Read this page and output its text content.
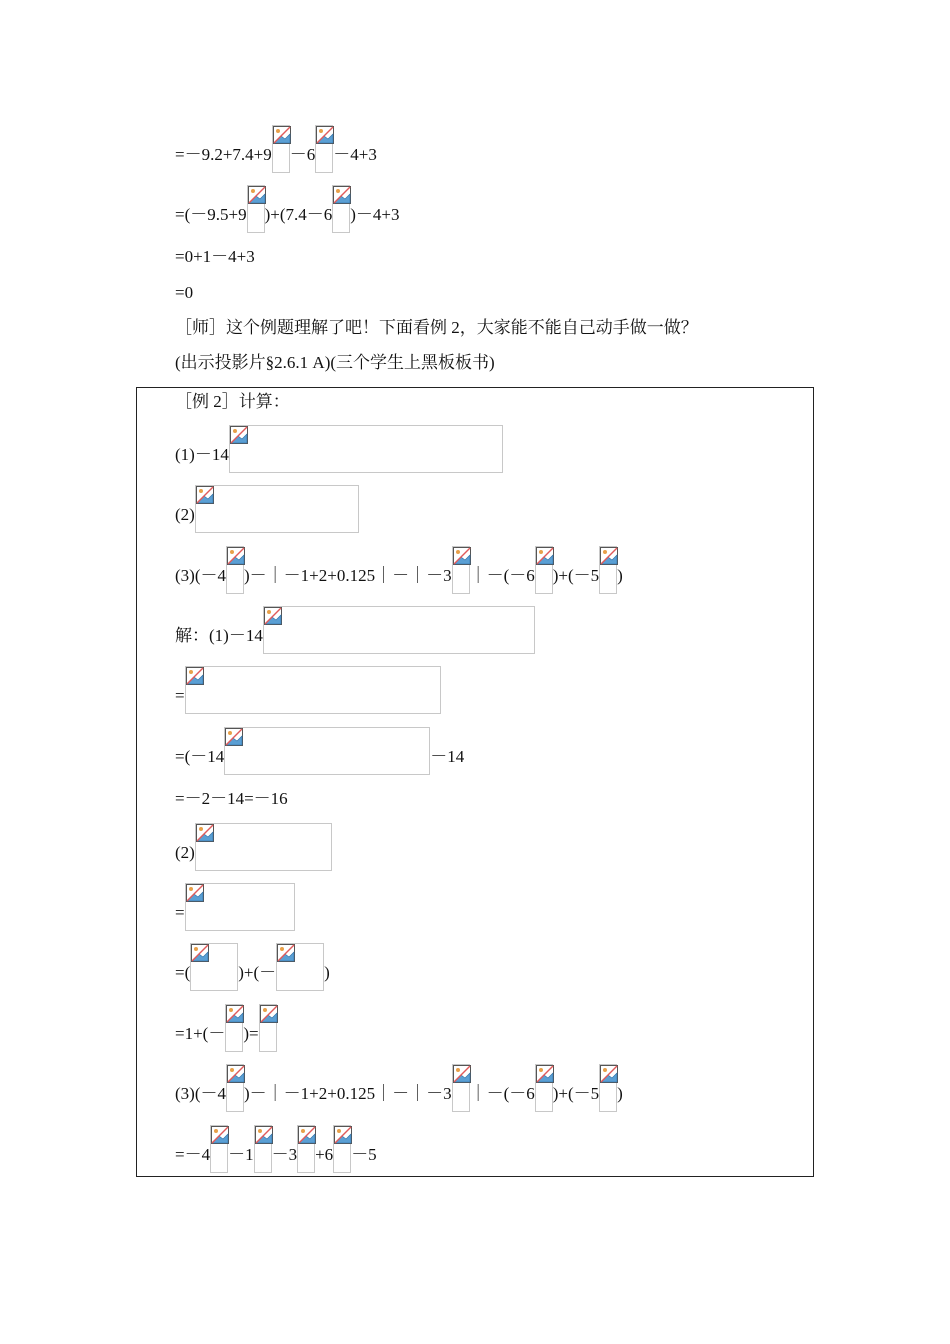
=－9.2+7.4+9 －6 －4+3
=(－9.5+9 )+(7.4－6 )－4+3
=0+1－4+3
=0
［师］这个例题理解了吧！下面看例 2，大家能不能自己动手做一做？
(出示投影片§2.6.1 A)(三个学生上黑板板书)
［例 2］计算：
(1)－14
(2)
(3)(－4 )－｜－1+2+0.125｜－｜－3 ｜－(－6 )+(－5 )
解：(1)－14
=
=(－14	－14
=－2－14=－16
(2)
=
=(	)+(－	)
=1+(－ )=
(3)(－4 )－｜－1+2+0.125｜－｜－3 ｜－(－6 )+(－5 )
=－4 －1 －3 +6 －5
